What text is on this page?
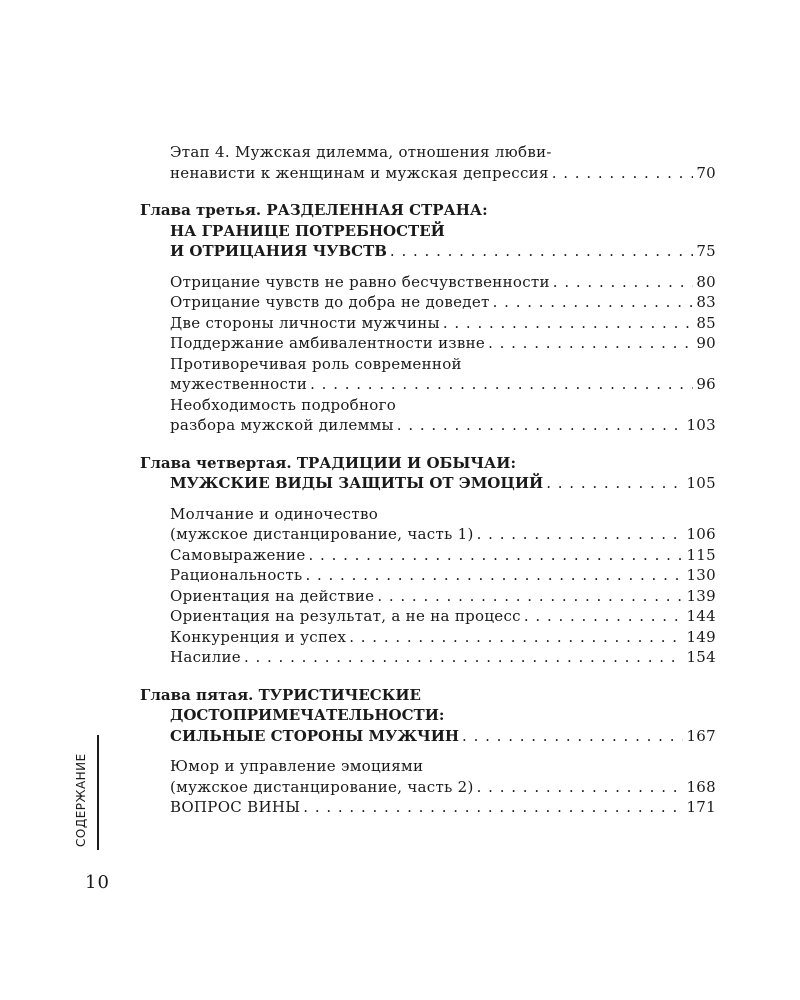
Этап 4. Мужская дилемма, отношения любви-
ненависти к женщинам и мужская депрессия . . .	70
Глава третья. РАЗДЕЛЕННАЯ СТРАНА:
НА ГРАНИЦЕ ПОТРЕБНОСТЕЙ
И ОТРИЦАНИЯ ЧУВСТВ . . .	75
Отрицание чувств не равно бесчувственности . . .	80
Отрицание чувств до добра не доведет . . .	83
Две стороны личности мужчины . . .	85
Поддержание амбивалентности извне . . .	90
Противоречивая роль современной
мужественности . . .	96
Необходимость подробного
разбора мужской дилеммы . . .	103
Глава четвертая. ТРАДИЦИИ И ОБЫЧАИ:
МУЖСКИЕ ВИДЫ ЗАЩИТЫ ОТ ЭМОЦИЙ . . .	105
Молчание и одиночество
(мужское дистанцирование, часть 1) . . .	106
Самовыражение . . .	115
Рациональность . . .	130
Ориентация на действие . . .	139
Ориентация на результат, а не на процесс . . .	144
Конкуренция и успех . . .	149
Насилие . . .	154
Глава пятая. ТУРИСТИЧЕСКИЕ
ДОСТОПРИМЕЧАТЕЛЬНОСТИ:
СИЛЬНЫЕ СТОРОНЫ МУЖЧИН . . .	167
Юмор и управление эмоциями
(мужское дистанцирование, часть 2) . . .	168
ВОПРОС ВИНЫ . . .	171
СОДЕРЖАНИЕ
10
